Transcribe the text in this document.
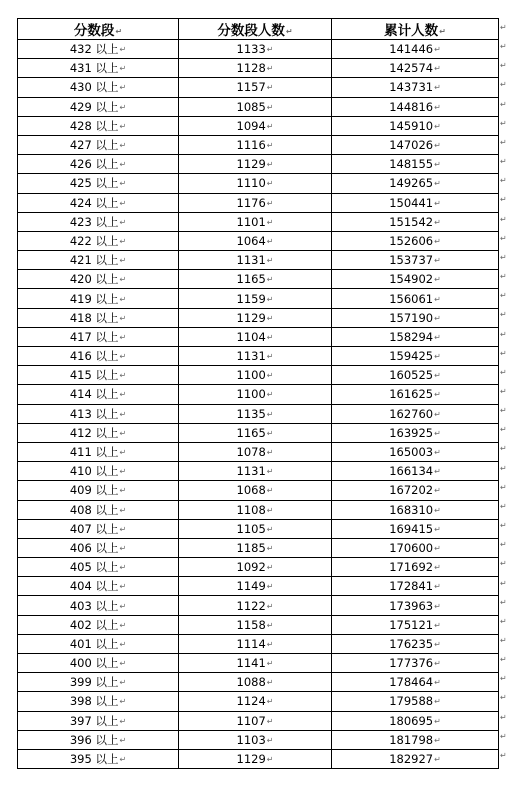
分数段↵	分数段人数↵	累计人数↵
432 以上↵	1133↵	141446↵
431 以上↵	1128↵	142574↵
430 以上↵	1157↵	143731↵
429 以上↵	1085↵	144816↵
428 以上↵	1094↵	145910↵
427 以上↵	1116↵	147026↵
426 以上↵	1129↵	148155↵
425 以上↵	1110↵	149265↵
424 以上↵	1176↵	150441↵
423 以上↵	1101↵	151542↵
422 以上↵	1064↵	152606↵
421 以上↵	1131↵	153737↵
420 以上↵	1165↵	154902↵
419 以上↵	1159↵	156061↵
418 以上↵	1129↵	157190↵
417 以上↵	1104↵	158294↵
416 以上↵	1131↵	159425↵
415 以上↵	1100↵	160525↵
414 以上↵	1100↵	161625↵
413 以上↵	1135↵	162760↵
412 以上↵	1165↵	163925↵
411 以上↵	1078↵	165003↵
410 以上↵	1131↵	166134↵
409 以上↵	1068↵	167202↵
408 以上↵	1108↵	168310↵
407 以上↵	1105↵	169415↵
406 以上↵	1185↵	170600↵
405 以上↵	1092↵	171692↵
404 以上↵	1149↵	172841↵
403 以上↵	1122↵	173963↵
402 以上↵	1158↵	175121↵
401 以上↵	1114↵	176235↵
400 以上↵	1141↵	177376↵
399 以上↵	1088↵	178464↵
398 以上↵	1124↵	179588↵
397 以上↵	1107↵	180695↵
396 以上↵	1103↵	181798↵
395 以上↵	1129↵	182927↵
↵
↵
↵
↵
↵
↵
↵
↵
↵
↵
↵
↵
↵
↵
↵
↵
↵
↵
↵
↵
↵
↵
↵
↵
↵
↵
↵
↵
↵
↵
↵
↵
↵
↵
↵
↵
↵
↵
↵
